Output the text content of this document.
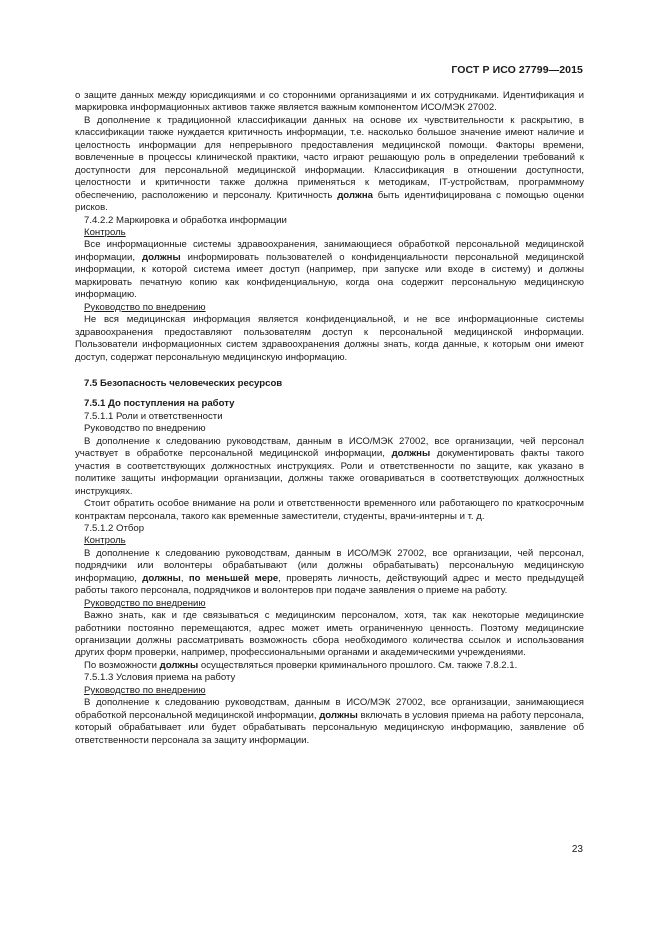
ГОСТ Р ИСО 27799—2015

о защите данных между юрисдикциями и со сторонними организациями и их сотрудниками. Идентификация и маркировка информационных активов также является важным компонентом ИСО/МЭК 27002.

В дополнение к традиционной классификации данных на основе их чувствительности к раскрытию, в классификации также нуждается критичность информации, т.е. насколько большое значение имеют наличие и целостность информации для непрерывного предоставления медицинской помощи. Факторы времени, вовлеченные в процессы клинической практики, часто играют решающую роль в определении требований к доступности для персональной медицинской информации. Классификация в отношении доступности, целостности и критичности также должна применяться к методикам, IT-устройствам, программному обеспечению, расположению и персоналу. Критичность должна быть идентифицирована с помощью оценки рисков.

7.4.2.2 Маркировка и обработка информации

Контроль

Все информационные системы здравоохранения, занимающиеся обработкой персональной медицинской информации, должны информировать пользователей о конфиденциальности персональной медицинской информации, к которой система имеет доступ (например, при запуске или входе в систему) и должны маркировать печатную копию как конфиденциальную, когда она содержит персональную медицинскую информацию.

Руководство по внедрению

Не вся медицинская информация является конфиденциальной, и не все информационные системы здравоохранения предоставляют пользователям доступ к персональной медицинской информации. Пользователи информационных систем здравоохранения должны знать, когда данные, к которым они имеют доступ, содержат персональную медицинскую информацию.

7.5 Безопасность человеческих ресурсов

7.5.1 До поступления на работу

7.5.1.1 Роли и ответственности

Руководство по внедрению

В дополнение к следованию руководствам, данным в ИСО/МЭК 27002, все организации, чей персонал участвует в обработке персональной медицинской информации, должны документировать факты такого участия в соответствующих должностных инструкциях. Роли и ответственности по защите, как указано в политике защиты информации организации, должны также оговариваться в соответствующих должностных инструкциях.

Стоит обратить особое внимание на роли и ответственности временного или работающего по краткосрочным контрактам персонала, такого как временные заместители, студенты, врачи-интерны и т. д.

7.5.1.2 Отбор

Контроль

В дополнение к следованию руководствам, данным в ИСО/МЭК 27002, все организации, чей персонал, подрядчики или волонтеры обрабатывают (или должны обрабатывать) персональную медицинскую информацию, должны, по меньшей мере, проверять личность, действующий адрес и место предыдущей работы такого персонала, подрядчиков и волонтеров при подаче заявления о приеме на работу.

Руководство по внедрению

Важно знать, как и где связываться с медицинским персоналом, хотя, так как некоторые медицинские работники постоянно перемещаются, адрес может иметь ограниченную ценность. Поэтому медицинские организации должны рассматривать возможность сбора необходимого количества ссылок и использования других форм проверки, например, профессиональными органами и академическими учреждениями.

По возможности должны осуществляться проверки криминального прошлого. См. также 7.8.2.1.

7.5.1.3 Условия приема на работу

Руководство по внедрению

В дополнение к следованию руководствам, данным в ИСО/МЭК 27002, все организации, занимающиеся обработкой персональной медицинской информации, должны включать в условия приема на работу персонала, который обрабатывает или будет обрабатывать персональную медицинскую информацию, заявление об ответственности персонала за защиту информации.

23
